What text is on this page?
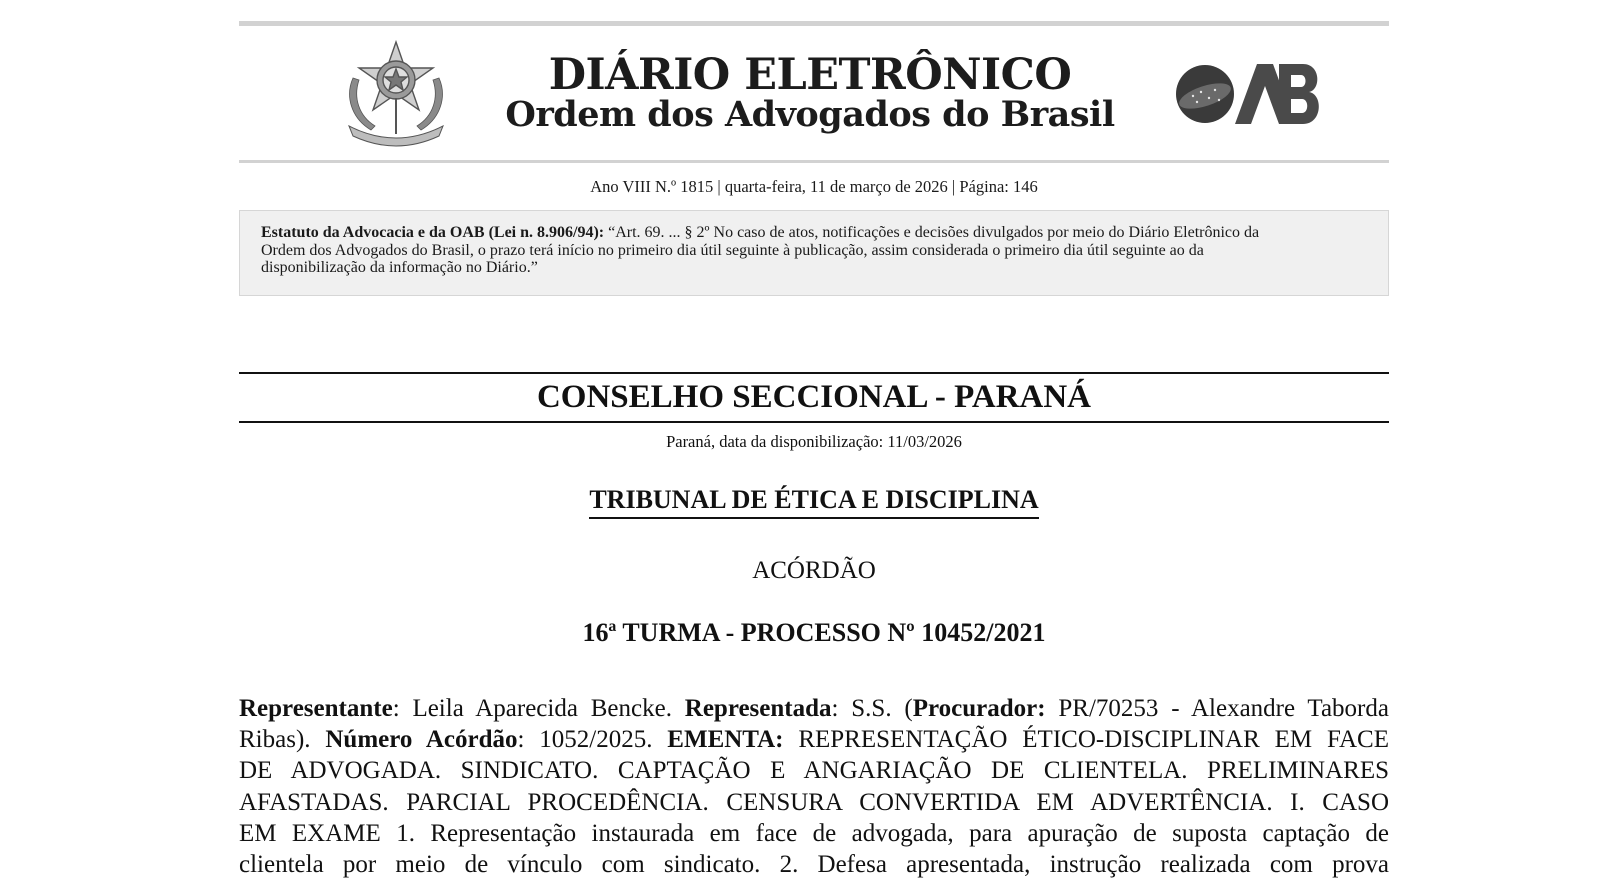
DIÁRIO ELETRÔNICO
Ordem dos Advogados do Brasil
Ano VIII N.º 1815 | quarta-feira, 11 de março de 2026 | Página: 146
Estatuto da Advocacia e da OAB (Lei n. 8.906/94): “Art. 69. ... § 2º No caso de atos, notificações e decisões divulgados por meio do Diário Eletrônico da
Ordem dos Advogados do Brasil, o prazo terá início no primeiro dia útil seguinte à publicação, assim considerada o primeiro dia útil seguinte ao da
disponibilização da informação no Diário.”
CONSELHO SECCIONAL - PARANÁ
Paraná, data da disponibilização: 11/03/2026
TRIBUNAL DE ÉTICA E DISCIPLINA
ACÓRDÃO
16ª TURMA - PROCESSO Nº 10452/2021
Representante: Leila Aparecida Bencke. Representada: S.S. (Procurador: PR/70253 - Alexandre Taborda
Ribas). Número Acórdão: 1052/2025. EMENTA: REPRESENTAÇÃO ÉTICO-DISCIPLINAR EM FACE
DE ADVOGADA. SINDICATO. CAPTAÇÃO E ANGARIAÇÃO DE CLIENTELA. PRELIMINARES
AFASTADAS. PARCIAL PROCEDÊNCIA. CENSURA CONVERTIDA EM ADVERTÊNCIA. I. CASO
EM EXAME 1. Representação instaurada em face de advogada, para apuração de suposta captação de
clientela por meio de vínculo com sindicato. 2. Defesa apresentada, instrução realizada com prova
